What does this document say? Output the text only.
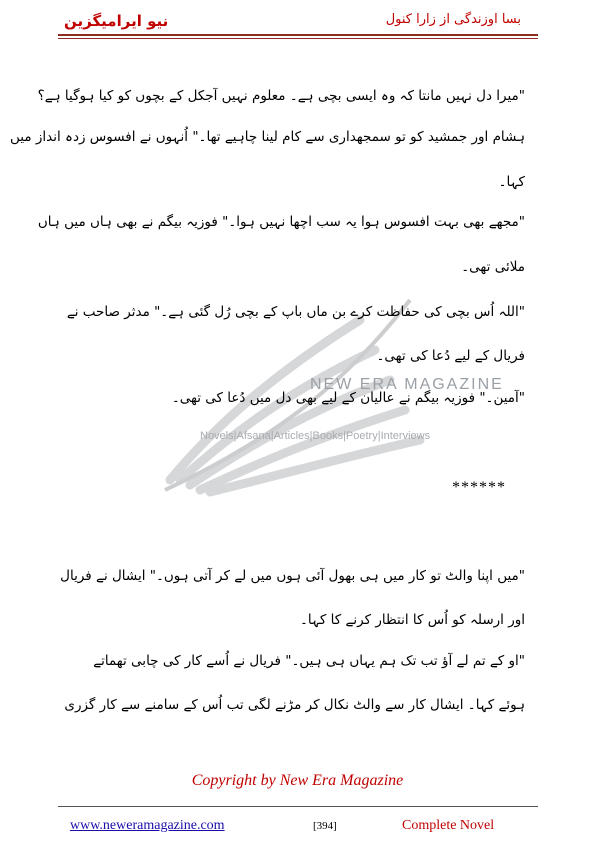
نیو ایرامیگزین	بسا اوزندگی از زارا کنول
NEW ERA MAGAZINE
Novels|Afsana|Articles|Books|Poetry|Interviews
"میرا دل نہیں مانتا کہ وہ ایسی بچی ہے۔ معلوم نہیں آجکل کے بچوں کو کیا ہوگیا ہے؟
ہشام اور جمشید کو تو سمجھداری سے کام لینا چاہیے تھا۔" اُنہوں نے افسوس زدہ انداز میں
کہا۔
"مجھے بھی بہت افسوس ہوا یہ سب اچھا نہیں ہوا۔" فوزیہ بیگم نے بھی ہاں میں ہاں
ملائی تھی۔
"اللہ اُس بچی کی حفاظت کرے بن ماں باپ کے بچی رُل گئی ہے۔" مدثر صاحب نے
فریال کے لیے دُعا کی تھی۔
"آمین۔" فوزیہ بیگم نے عالیان کے لیے بھی دل میں دُعا کی تھی۔
******
"میں اپنا والٹ تو کار میں ہی بھول آئی ہوں میں لے کر آتی ہوں۔" ایشال نے فریال
اور ارسلہ کو اُس کا انتظار کرنے کا کہا۔
"او کے تم لے آؤ تب تک ہم یہاں ہی ہیں۔" فریال نے اُسے کار کی چابی تھماتے
ہوئے کہا۔ ایشال کار سے والٹ نکال کر مڑنے لگی تب اُس کے سامنے سے کار گزری
Copyright by New Era Magazine
www.neweramagazine.com	[394]	Complete Novel
